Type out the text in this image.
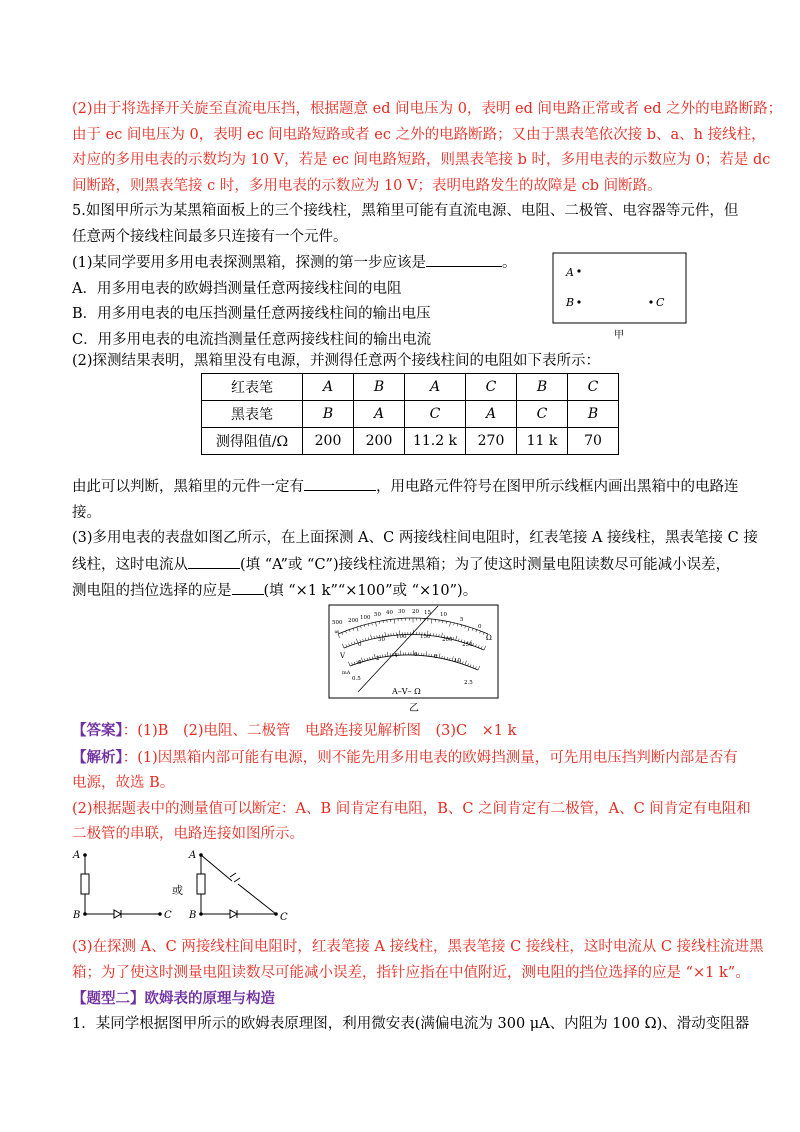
(2)由于将选择开关旋至直流电压挡，根据题意 ed 间电压为 0，表明 ed 间电路正常或者 ed 之外的电路断路；
由于 ec 间电压为 0，表明 ec 间电路短路或者 ec 之外的电路断路；又由于黑表笔依次接 b、a、h 接线柱，
对应的多用电表的示数均为 10 V，若是 ec 间电路短路，则黑表笔接 b 时，多用电表的示数应为 0；若是 dc
间断路，则黑表笔接 c 时，多用电表的示数应为 10 V；表明电路发生的故障是 cb 间断路。
5.如图甲所示为某黑箱面板上的三个接线柱，黑箱里可能有直流电源、电阻、二极管、电容器等元件，但
任意两个接线柱间最多只连接有一个元件。
(1)某同学要用多用电表探测黑箱，探测的第一步应该是	。
A．用多用电表的欧姆挡测量任意两接线柱间的电阻
B．用多用电表的电压挡测量任意两接线柱间的输出电压
C．用多用电表的电流挡测量任意两接线柱间的输出电流
A
B	C
甲
(2)探测结果表明，黑箱里没有电源，并测得任意两个接线柱间的电阻如下表所示：
红表笔	A	B	A	C	B	C
黑表笔	B	A	C	A	C	B
测得阻值/Ω	200	200	11.2 k	270	11 k	70
由此可以判断，黑箱里的元件一定有	，用电路元件符号在图甲所示线框内画出黑箱中的电路连
接。
(3)多用电表的表盘如图乙所示，在上面探测 A、C 两接线柱间电阻时，红表笔接 A 接线柱，黑表笔接 C 接
线柱，这时电流从	(填 “A”或 “C”)接线柱流进黑箱；为了使这时测量电阻读数尽可能减小误差，
测电阻的挡位选择的应是 (填 “×1 k”“×100”或 “×10”)。
500 200 100 50 40 30 20 15 10
5
0
Ω
∞
0
50 100 150 200
250
V
0
2	4	6	8
10
mA
2.5
0.5
A–V– Ω
乙
【答案】：(1)B　(2)电阻、二极管　电路连接见解析图　(3)C　×1 k
【解析】：(1)因黑箱内部可能有电源，则不能先用多用电表的欧姆挡测量，可先用电压挡判断内部是否有
电源，故选 B。
(2)根据题表中的测量值可以断定：A、B 间肯定有电阻，B、C 之间肯定有二极管，A、C 间肯定有电阻和
二极管的串联，电路连接如图所示。
A
B	C
或
A
B	C
(3)在探测 A、C 两接线柱间电阻时，红表笔接 A 接线柱，黑表笔接 C 接线柱，这时电流从 C 接线柱流进黑
箱；为了使这时测量电阻读数尽可能减小误差，指针应指在中值附近，测电阻的挡位选择的应是 “×1 k”。
【题型二】欧姆表的原理与构造
1．某同学根据图甲所示的欧姆表原理图，利用微安表(满偏电流为 300 μA、内阻为 100 Ω)、滑动变阻器
